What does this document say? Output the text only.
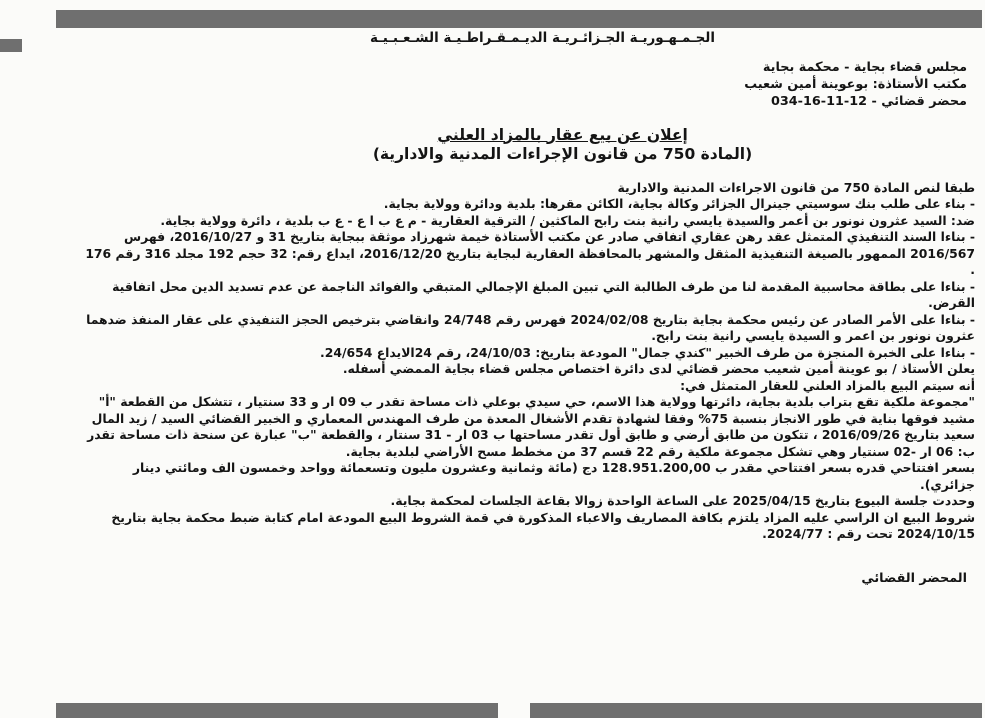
الجـمـهـوريـة الجـزائـريـة الديـمـقـراطـيـة الشـعـبـيـة
مجلس قضاء بجاية - محكمة بجاية
مكتب الأستاذة: بوعوينة أمين شعيب
محضر قضائي - 12-11-16-034
إعلان عن بيع عقار بالمزاد العلني
(المادة 750 من قانون الإجراءات المدنية والادارية)

طبقا لنص المادة 750 من قانون الاجراءات المدنية والادارية

- بناء على طلب بنك سوسيتي جينرال الجزائر وكالة بجاية، الكائن مقرها: بلدية ودائرة وولاية بجاية.

ضد: السيد عثرون نونور بن أعمر والسيدة يايسي رانية بنت رابح الماكثين / الترقية العقارية - م ع ب ا ع - ع ب بلدية ، دائرة وولاية بجاية.

- بناءا السند التنفيذي المتمثل عقد رهن عقاري اتفاقي صادر عن مكتب الأستاذة خيمة شهرزاد موثقة ببجاية بتاريخ 31 و 2016/10/27، فهرس 2016/567 الممهور بالصيغة التنفيذية المثقل والمشهر بالمحافظة العقارية لبجاية بتاريخ 2016/12/20، ايداع رقم: 32 حجم 192 مجلد 316 رقم 176 .

- بناءا على بطاقة محاسبية المقدمة لنا من طرف الطالبة التي تبين المبلغ الإجمالي المتبقي والفوائد الناجمة عن عدم تسديد الدين محل اتفاقية القرض.

- بناءا على الأمر الصادر عن رئيس محكمة بجاية بتاريخ 2024/02/08 فهرس رقم 24/748 وانقاضي بترخيص الحجز التنفيذي على عقار المنفذ ضدهما عثرون نونور بن اعمر و السيدة يايسي رانية بنت رابح.

- بناءا على الخبرة المنجزة من طرف الخبير "كندي جمال" المودعة بتاريخ: 24/10/03، رقم 24الايداع 24/654.

يعلن الأستاذ / بو عوينة أمين شعيب محضر قضائي لدى دائرة اختصاص مجلس قضاء بجاية الممضي أسفله.

أنه سيتم البيع بالمزاد العلني للعقار المتمثل في:

"مجموعة ملكية تقع بتراب بلدية بجاية، دائرتها وولاية هذا الاسم، حي سيدي بوعلي ذات مساحة تقدر ب 09 ار و 33 سنتيار ، تتشكل من القطعة "أ" مشيد فوقها بناية في طور الانجاز بنسبة 75% وفقا لشهادة تقدم الأشغال المعدة من طرف المهندس المعماري و الخبير القضائي السيد / زيد المال سعيد بتاريخ 2016/09/26 ، تتكون من طابق أرضي و طابق أول تقدر مساحتها ب 03 ار - 31 سنتار ، والقطعة "ب" عبارة عن سنحة ذات مساحة تقدر ب: 06 ار -02 سنتيار وهي تشكل مجموعة ملكية رقم 22 قسم 37 من مخطط مسح الأراضي لبلدية بجاية.

بسعر افتتاحي قدره بسعر افتتاحي مقدر ب 128.951.200,00 دج (مائة وثمانية وعشرون مليون وتسعمائة وواحد وخمسون الف ومائتي دينار جزائري).

وحددت جلسة البيوع بتاريخ 2025/04/15 على الساعة الواحدة زوالا بقاعة الجلسات لمحكمة بجاية.

شروط البيع ان الراسي عليه المزاد يلتزم بكافة المصاريف والاعباء المذكورة في قمة الشروط البيع المودعة امام كتابة ضبط محكمة بجاية بتاريخ 2024/10/15 تحت رقم : 2024/77.

المحضر القضائي
